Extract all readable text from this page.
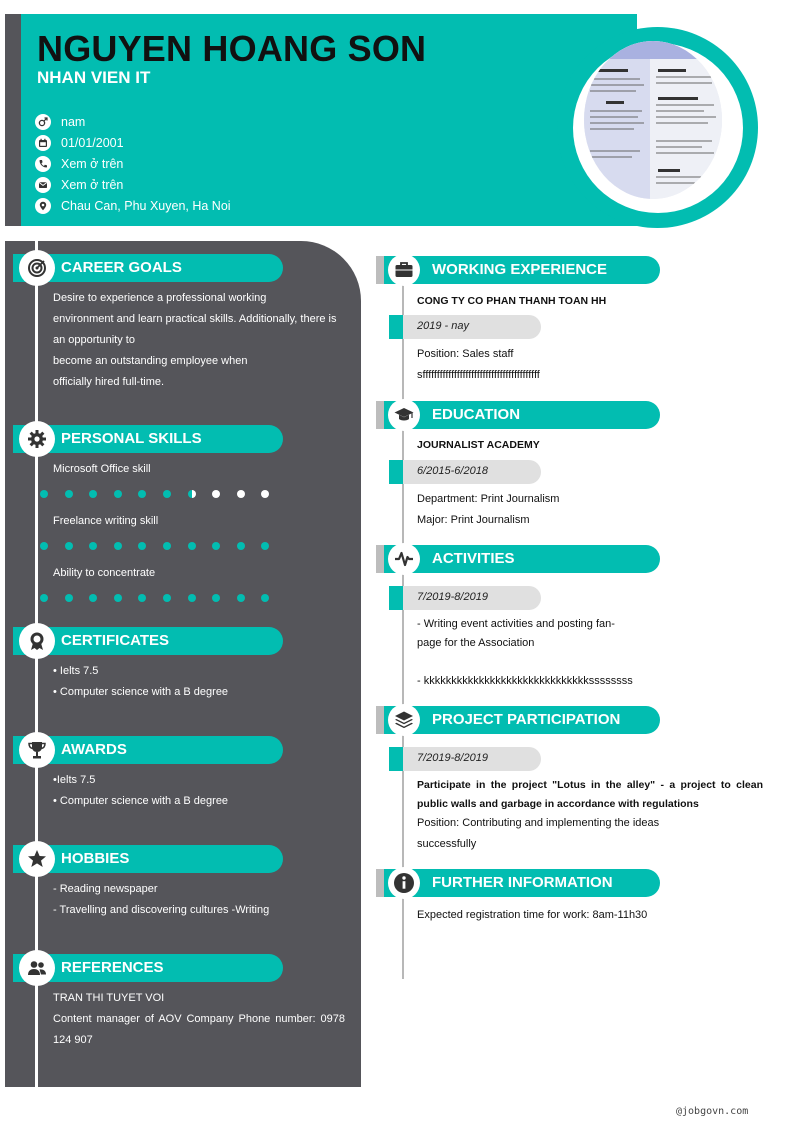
NGUYEN HOANG SON
NHAN VIEN IT
nam
01/01/2001
Xem ở trên
Xem ở trên
Chau Can, Phu Xuyen, Ha Noi
CAREER GOALS
Desire to experience a professional working
environment and learn practical skills. Additionally, there is
an opportunity to
become an outstanding employee when
officially hired full-time.
PERSONAL SKILLS
Microsoft Office skill
Freelance writing skill
Ability to concentrate
CERTIFICATES
• Ielts 7.5
• Computer science with a B degree
AWARDS
•Ielts 7.5
• Computer science with a B degree
HOBBIES
- Reading newspaper
- Travelling and discovering cultures -Writing
REFERENCES
TRAN THI TUYET VOI
Content manager of AOV Company Phone number: 0978 124 907
WORKING EXPERIENCE
CONG TY CO PHAN THANH TOAN HH
2019 - nay
Position: Sales staff
sfffffffffffffffffffffffffffffffffffffffff
EDUCATION
JOURNALIST ACADEMY
6/2015-6/2018
Department: Print Journalism
Major: Print Journalism
ACTIVITIES
7/2019-8/2019
- Writing event activities and posting fan-
page for the Association
- kkkkkkkkkkkkkkkkkkkkkkkkkkkkkkssssssss
PROJECT PARTICIPATION
7/2019-8/2019
Participate in the project "Lotus in the alley" - a project to clean public walls and garbage in accordance with regulations
Position: Contributing and implementing the ideas
successfully
FURTHER INFORMATION
Expected registration time for work: 8am-11h30
@jobgovn.com
